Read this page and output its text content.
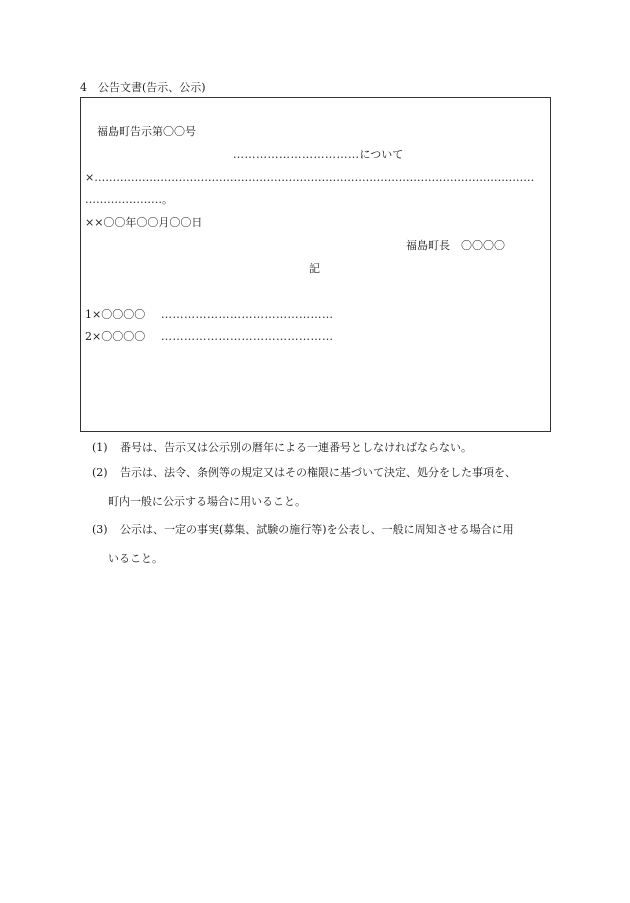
4　公告文書(告示、公示)
福島町告示第〇〇号
……………………………について
×…………………………………………………………………………………………………………
…………………。
××〇〇年〇〇月〇〇日
福島町長　〇〇〇〇
記
1×〇〇〇〇 ………………………………………
2×〇〇〇〇 ………………………………………
(1) 番号は、告示又は公示別の暦年による一連番号としなければならない。
(2) 告示は、法令、条例等の規定又はその権限に基づいて決定、処分をした事項を、
町内一般に公示する場合に用いること。
(3) 公示は、一定の事実(募集、試験の施行等)を公表し、一般に周知させる場合に用
いること。
